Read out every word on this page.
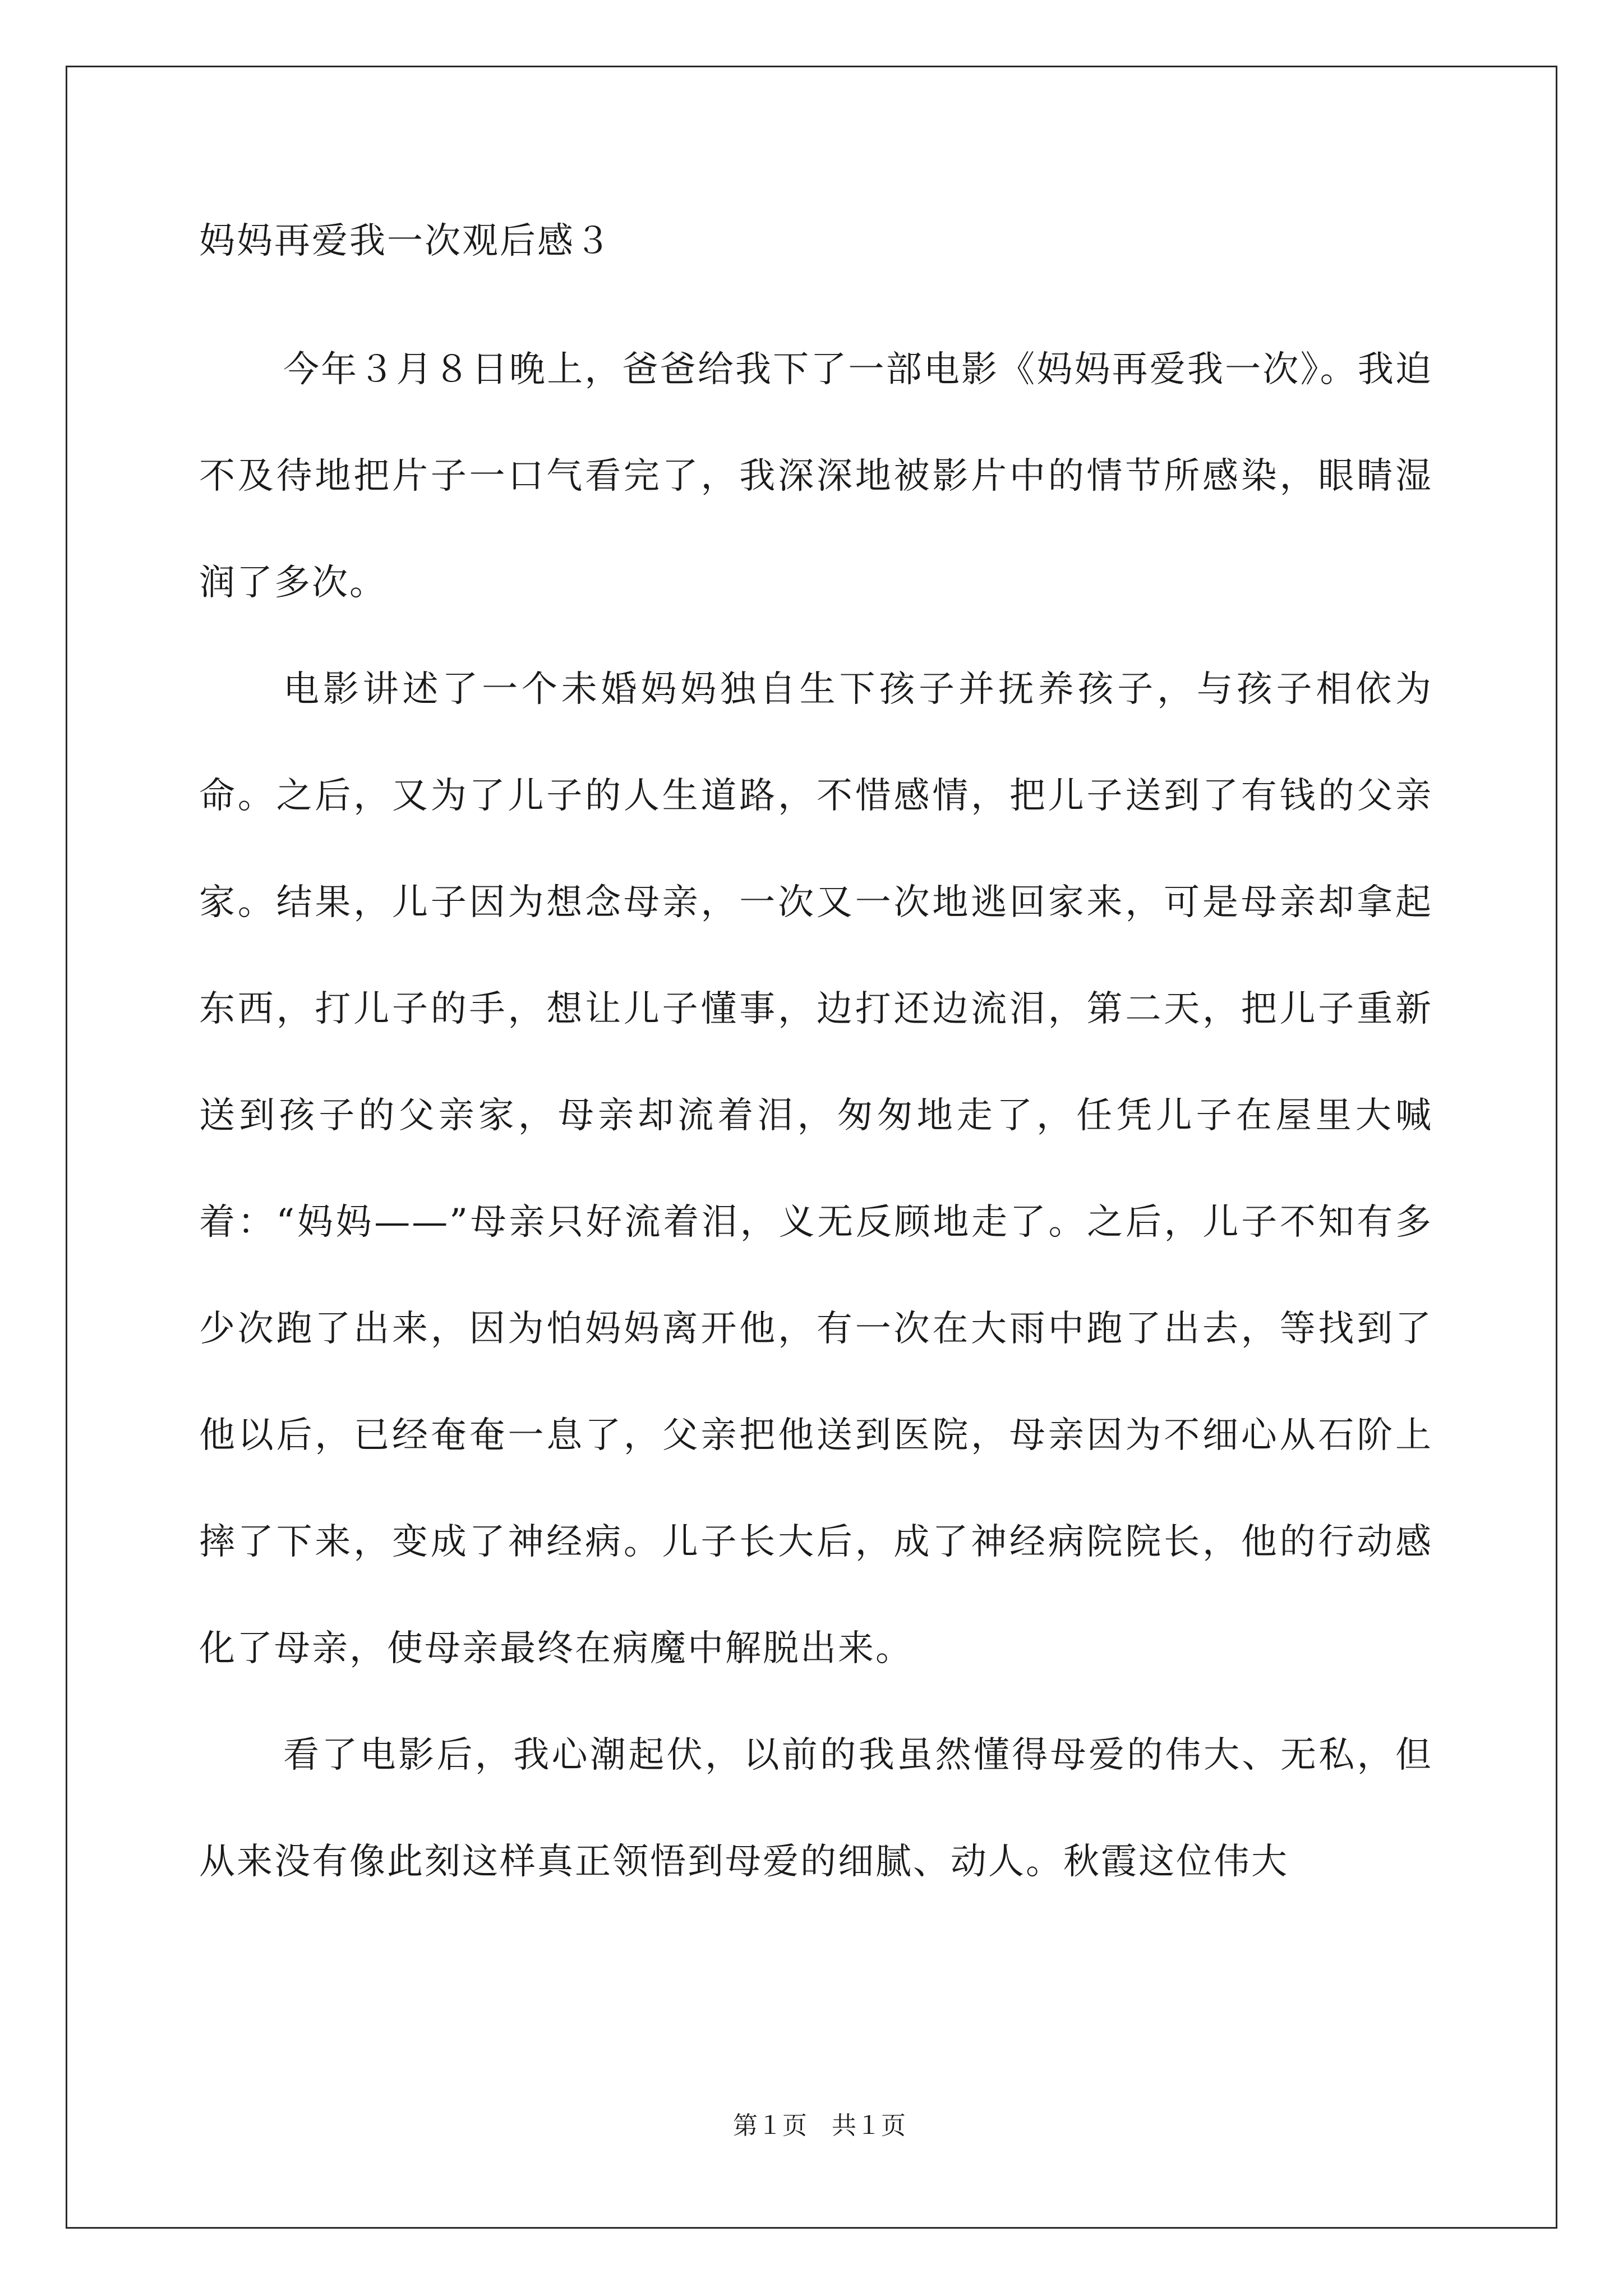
妈妈再爱我一次观后感３

今年３月８日晚上，爸爸给我下了一部电影《妈妈再爱我一次》。我迫不及待地把片子一口气看完了，我深深地被影片中的情节所感染，眼睛湿润了多次。

电影讲述了一个未婚妈妈独自生下孩子并抚养孩子，与孩子相依为命。之后，又为了儿子的人生道路，不惜感情，把儿子送到了有钱的父亲家。结果，儿子因为想念母亲，一次又一次地逃回家来，可是母亲却拿起东西，打儿子的手，想让儿子懂事，边打还边流泪，第二天，把儿子重新送到孩子的父亲家，母亲却流着泪，匆匆地走了，任凭儿子在屋里大喊着：“妈妈——”母亲只好流着泪，义无反顾地走了。之后，儿子不知有多少次跑了出来，因为怕妈妈离开他，有一次在大雨中跑了出去，等找到了他以后，已经奄奄一息了，父亲把他送到医院，母亲因为不细心从石阶上摔了下来，变成了神经病。儿子长大后，成了神经病院院长，他的行动感化了母亲，使母亲最终在病魔中解脱出来。

看了电影后，我心潮起伏，以前的我虽然懂得母爱的伟大、无私，但从来没有像此刻这样真正领悟到母爱的细腻、动人。秋霞这位伟大

第１页　共１页
